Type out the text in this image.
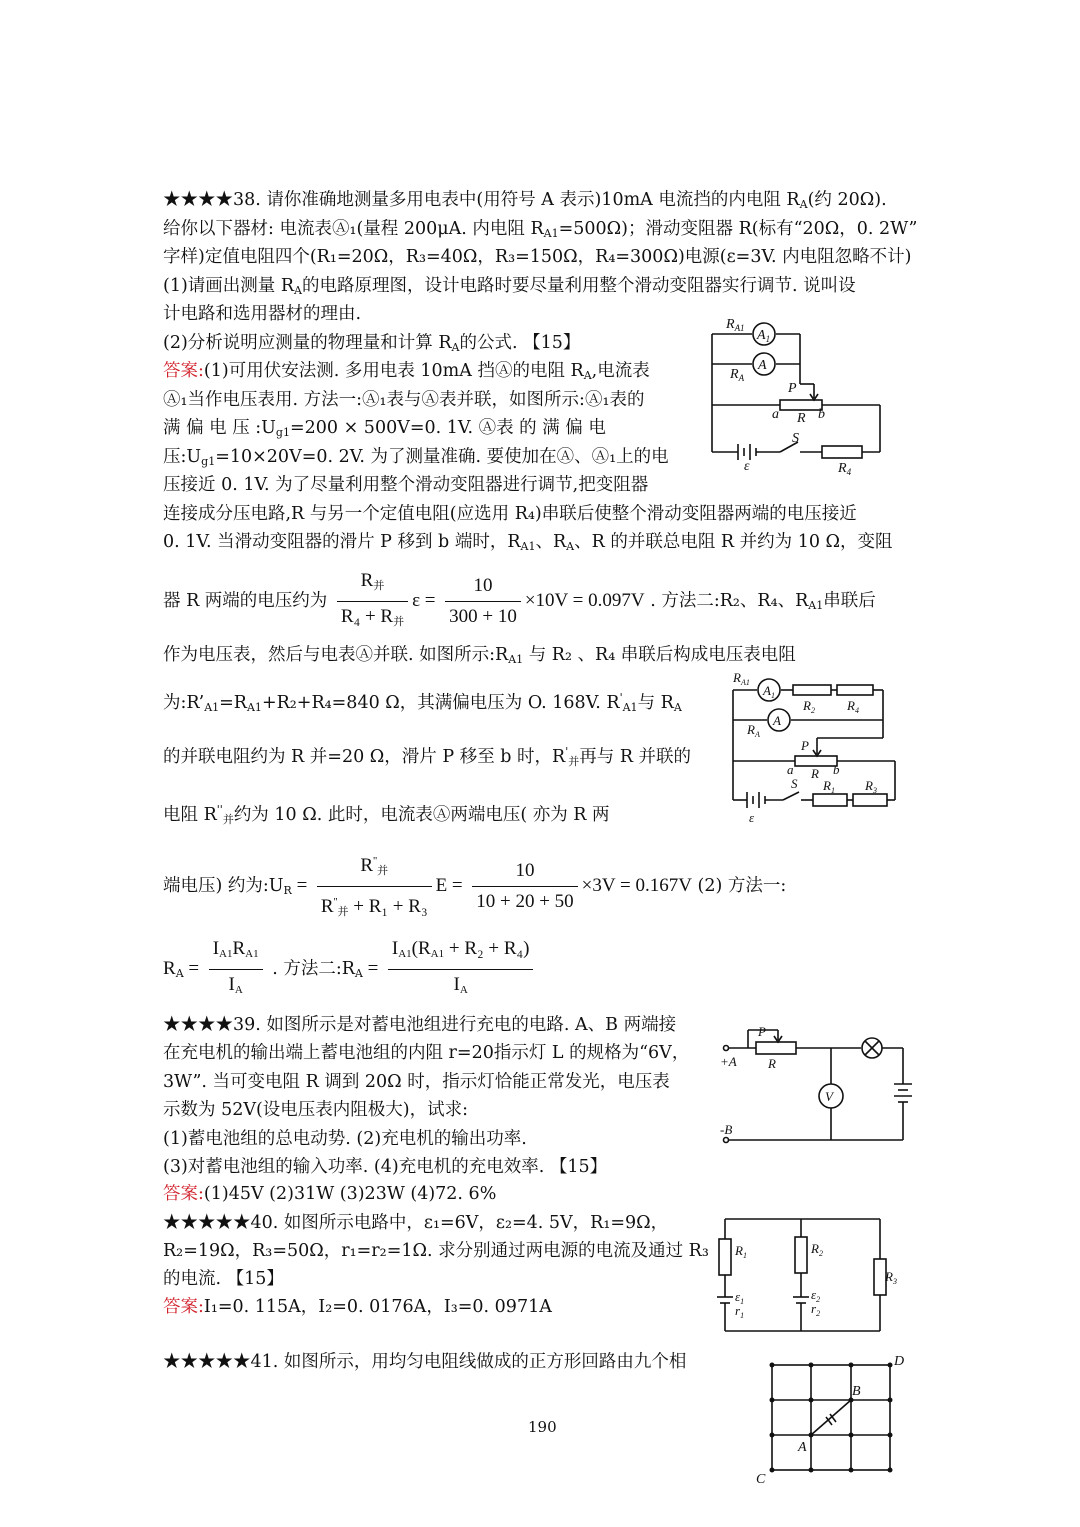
★★★★38. 请你准确地测量多用电表中(用符号 A 表示)10mA 电流挡的内电阻 $R_A$(约 20Ω).
给你以下器材: 电流表Ⓐ₁(量程 200μA. 内电阻 $R_{A1}=500\Omega$)；滑动变阻器 R(标有“20Ω，0. 2W”
字样)定值电阻四个(R₁=20Ω，R₃=40Ω，R₃=150Ω，R₄=300Ω)电源(ε=3V. 内电阻忽略不计)
(1)请画出测量 $R_A$的电路原理图，设计电路时要尽量利用整个滑动变阻器实行调节. 说叫设
计电路和选用器材的理由.
(2)分析说明应测量的物理量和计算 $R_A$的公式. 【15】
答案:(1)可用伏安法测. 多用电表 10mA 挡Ⓐ的电阻 $R_A$,电流表
Ⓐ₁当作电压表用. 方法一:Ⓐ₁表与Ⓐ表并联，如图所示:Ⓐ₁表的
满 偏 电 压 $:U_{g1}=200 \times 500V=0$. 1V. Ⓐ表 的 满 偏 电
压$:U_{g1}=10\times 20V=0$. 2V. 为了测量准确. 要使加在Ⓐ、Ⓐ₁上的电
压接近 0. 1V. 为了尽量利用整个滑动变阻器进行调节,把变阻器
连接成分压电路,R 与另一个定值电阻(应选用 R₄)串联后使整个滑动变阻器两端的电压接近
0. 1V. 当滑动变阻器的滑片 P 移到 b 端时，$R_{A1}$、$R_A$、R 的并联总电阻 R 并约为 10 Ω，变阻
器 R 两端的电压约为 $\frac{R_并}{R_4 + R_并}$ $\varepsilon = \frac{10}{300 + 10} \times 10V = 0.097V$ . 方法二:R₂、R₄、$R_{A1}$串联后
作为电压表，然后与电表Ⓐ并联. 如图所示$:R_{A1}$ 与 R₂ 、R₄ 串联后构成电压表电阻
为$:R’_{A1}=R_{A1}+R_2+R_4=840$ Ω，其满偏电压为 O. 168V. $R'_{A1}$与 $R_A$
的并联电阻约为 R 并=20 Ω，滑片 P 移至 b 时，$R'_并$再与 R 并联的
电阻 $R''_并$约为 10 Ω. 此时，电流表Ⓐ两端电压( 亦为 R 两
端电压) 约为$:U_R = \frac{R''_并}{R''_并 + R_1 + R_3}$ $E = \frac{10}{10 + 20 + 50} \times 3V = 0.167V$ (2) 方法一:
$R_A = \frac{I_{A1}R_{A1}}{I_A}$ . 方法二$:R_A = \frac{I_{A1}(R_{A1} + R_2 + R_4)}{I_A}$
★★★★39. 如图所示是对蓄电池组进行充电的电路. A、B 两端接
在充电机的输出端上蓄电池组的内阻 r=20指示灯 L 的规格为“6V，
3W”. 当可变电阻 R 调到 20Ω 时，指示灯恰能正常发光，电压表
示数为 52V(设电压表内阻极大)，试求:
(1)蓄电池组的总电动势. (2)充电机的输出功率.
(3)对蓄电池组的输入功率. (4)充电机的充电效率. 【15】
答案:(1)45V (2)31W (3)23W (4)72. 6%
★★★★★40. 如图所示电路中，ε₁=6V，ε₂=4. 5V，R₁=9Ω，
R₂=19Ω，R₃=50Ω，r₁=r₂=1Ω. 求分别通过两电源的电流及通过 R₃
的电流. 【15】
答案:I₁=0. 115A，I₂=0. 0176A，I₃=0. 0971A
★★★★★41. 如图所示，用均匀电阻线做成的正方形回路由九个相
190
$R_{A1}$ $A_1$
A
$R_A$
P
a R b
S
ε	$R_4$
$R_{A1}$
$A_1$
$R_2$ $R_4$
A
$R_A$
P
a R b
S $R_1$ $R_3$
ε
P
R
+A
V
-B
$R_1$	$R_2$
$R_3$
$\varepsilon_1$
$r_1$
$\varepsilon_2$
$r_2$
D
B
A
C
